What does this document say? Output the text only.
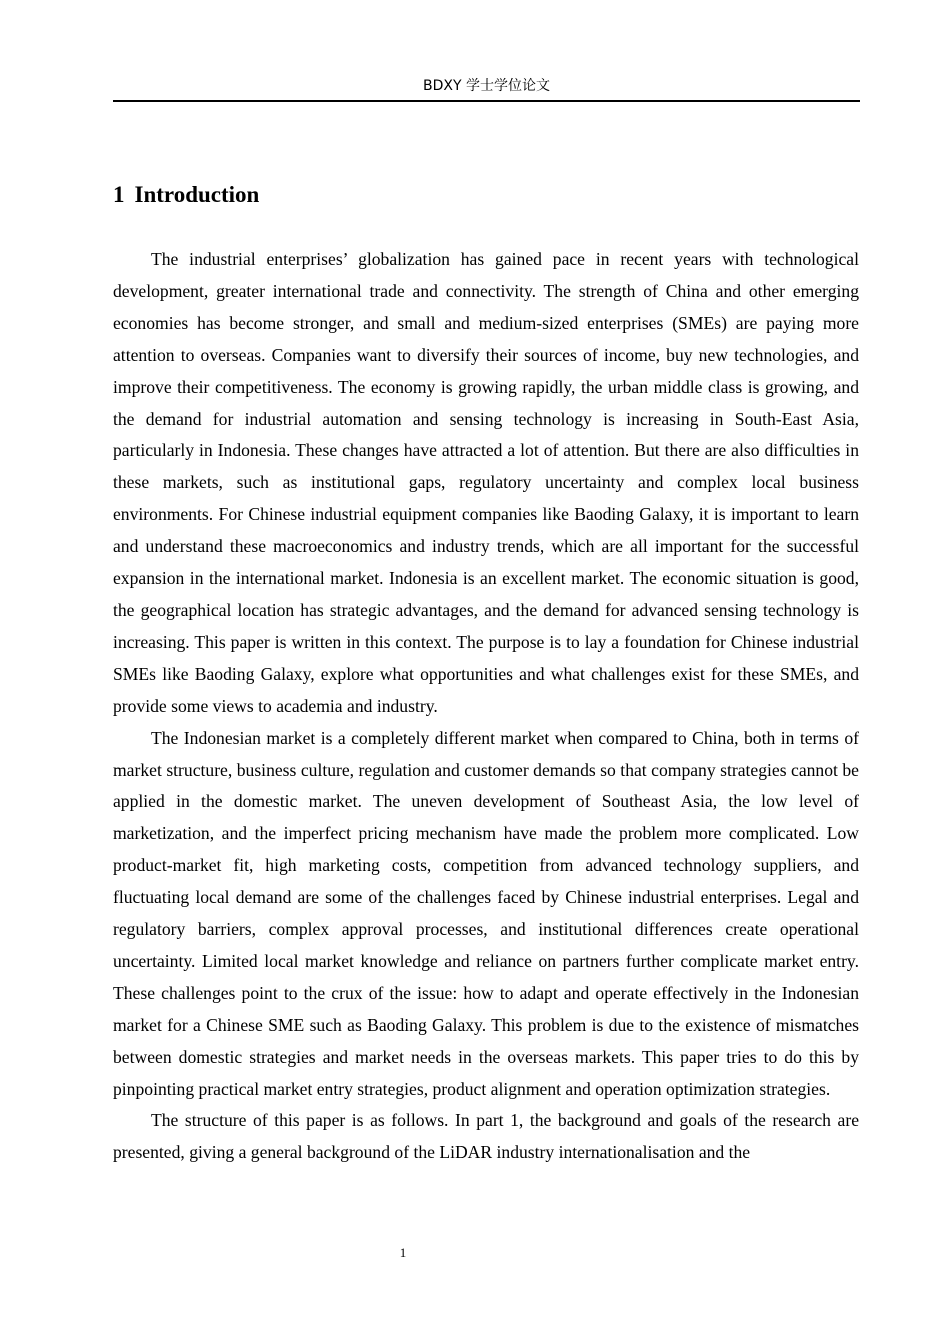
BDXY 学士学位论文
1 Introduction

The industrial enterprises’ globalization has gained pace in recent years with technological development, greater international trade and connectivity. The strength of China and other emerging economies has become stronger, and small and medium-sized enterprises (SMEs) are paying more attention to overseas. Companies want to diversify their sources of income, buy new technologies, and improve their competitiveness. The economy is growing rapidly, the urban middle class is growing, and the demand for industrial automation and sensing technology is increasing in South-East Asia, particularly in Indonesia. These changes have attracted a lot of attention. But there are also difficulties in these markets, such as institutional gaps, regulatory uncertainty and complex local business environments. For Chinese industrial equipment companies like Baoding Galaxy, it is important to learn and understand these macroeconomics and industry trends, which are all important for the successful expansion in the international market. Indonesia is an excellent market. The economic situation is good, the geographical location has strategic advantages, and the demand for advanced sensing technology is increasing. This paper is written in this context. The purpose is to lay a foundation for Chinese industrial SMEs like Baoding Galaxy, explore what opportunities and what challenges exist for these SMEs, and provide some views to academia and industry.

The Indonesian market is a completely different market when compared to China, both in terms of market structure, business culture, regulation and customer demands so that company strategies cannot be applied in the domestic market. The uneven development of Southeast Asia, the low level of marketization, and the imperfect pricing mechanism have made the problem more complicated. Low product-market fit, high marketing costs, competition from advanced technology suppliers, and fluctuating local demand are some of the challenges faced by Chinese industrial enterprises. Legal and regulatory barriers, complex approval processes, and institutional differences create operational uncertainty. Limited local market knowledge and reliance on partners further complicate market entry. These challenges point to the crux of the issue: how to adapt and operate effectively in the Indonesian market for a Chinese SME such as Baoding Galaxy. This problem is due to the existence of mismatches between domestic strategies and market needs in the overseas markets. This paper tries to do this by pinpointing practical market entry strategies, product alignment and operation optimization strategies.

The structure of this paper is as follows. In part 1, the background and goals of the research are presented, giving a general background of the LiDAR industry internationalisation and the

1
